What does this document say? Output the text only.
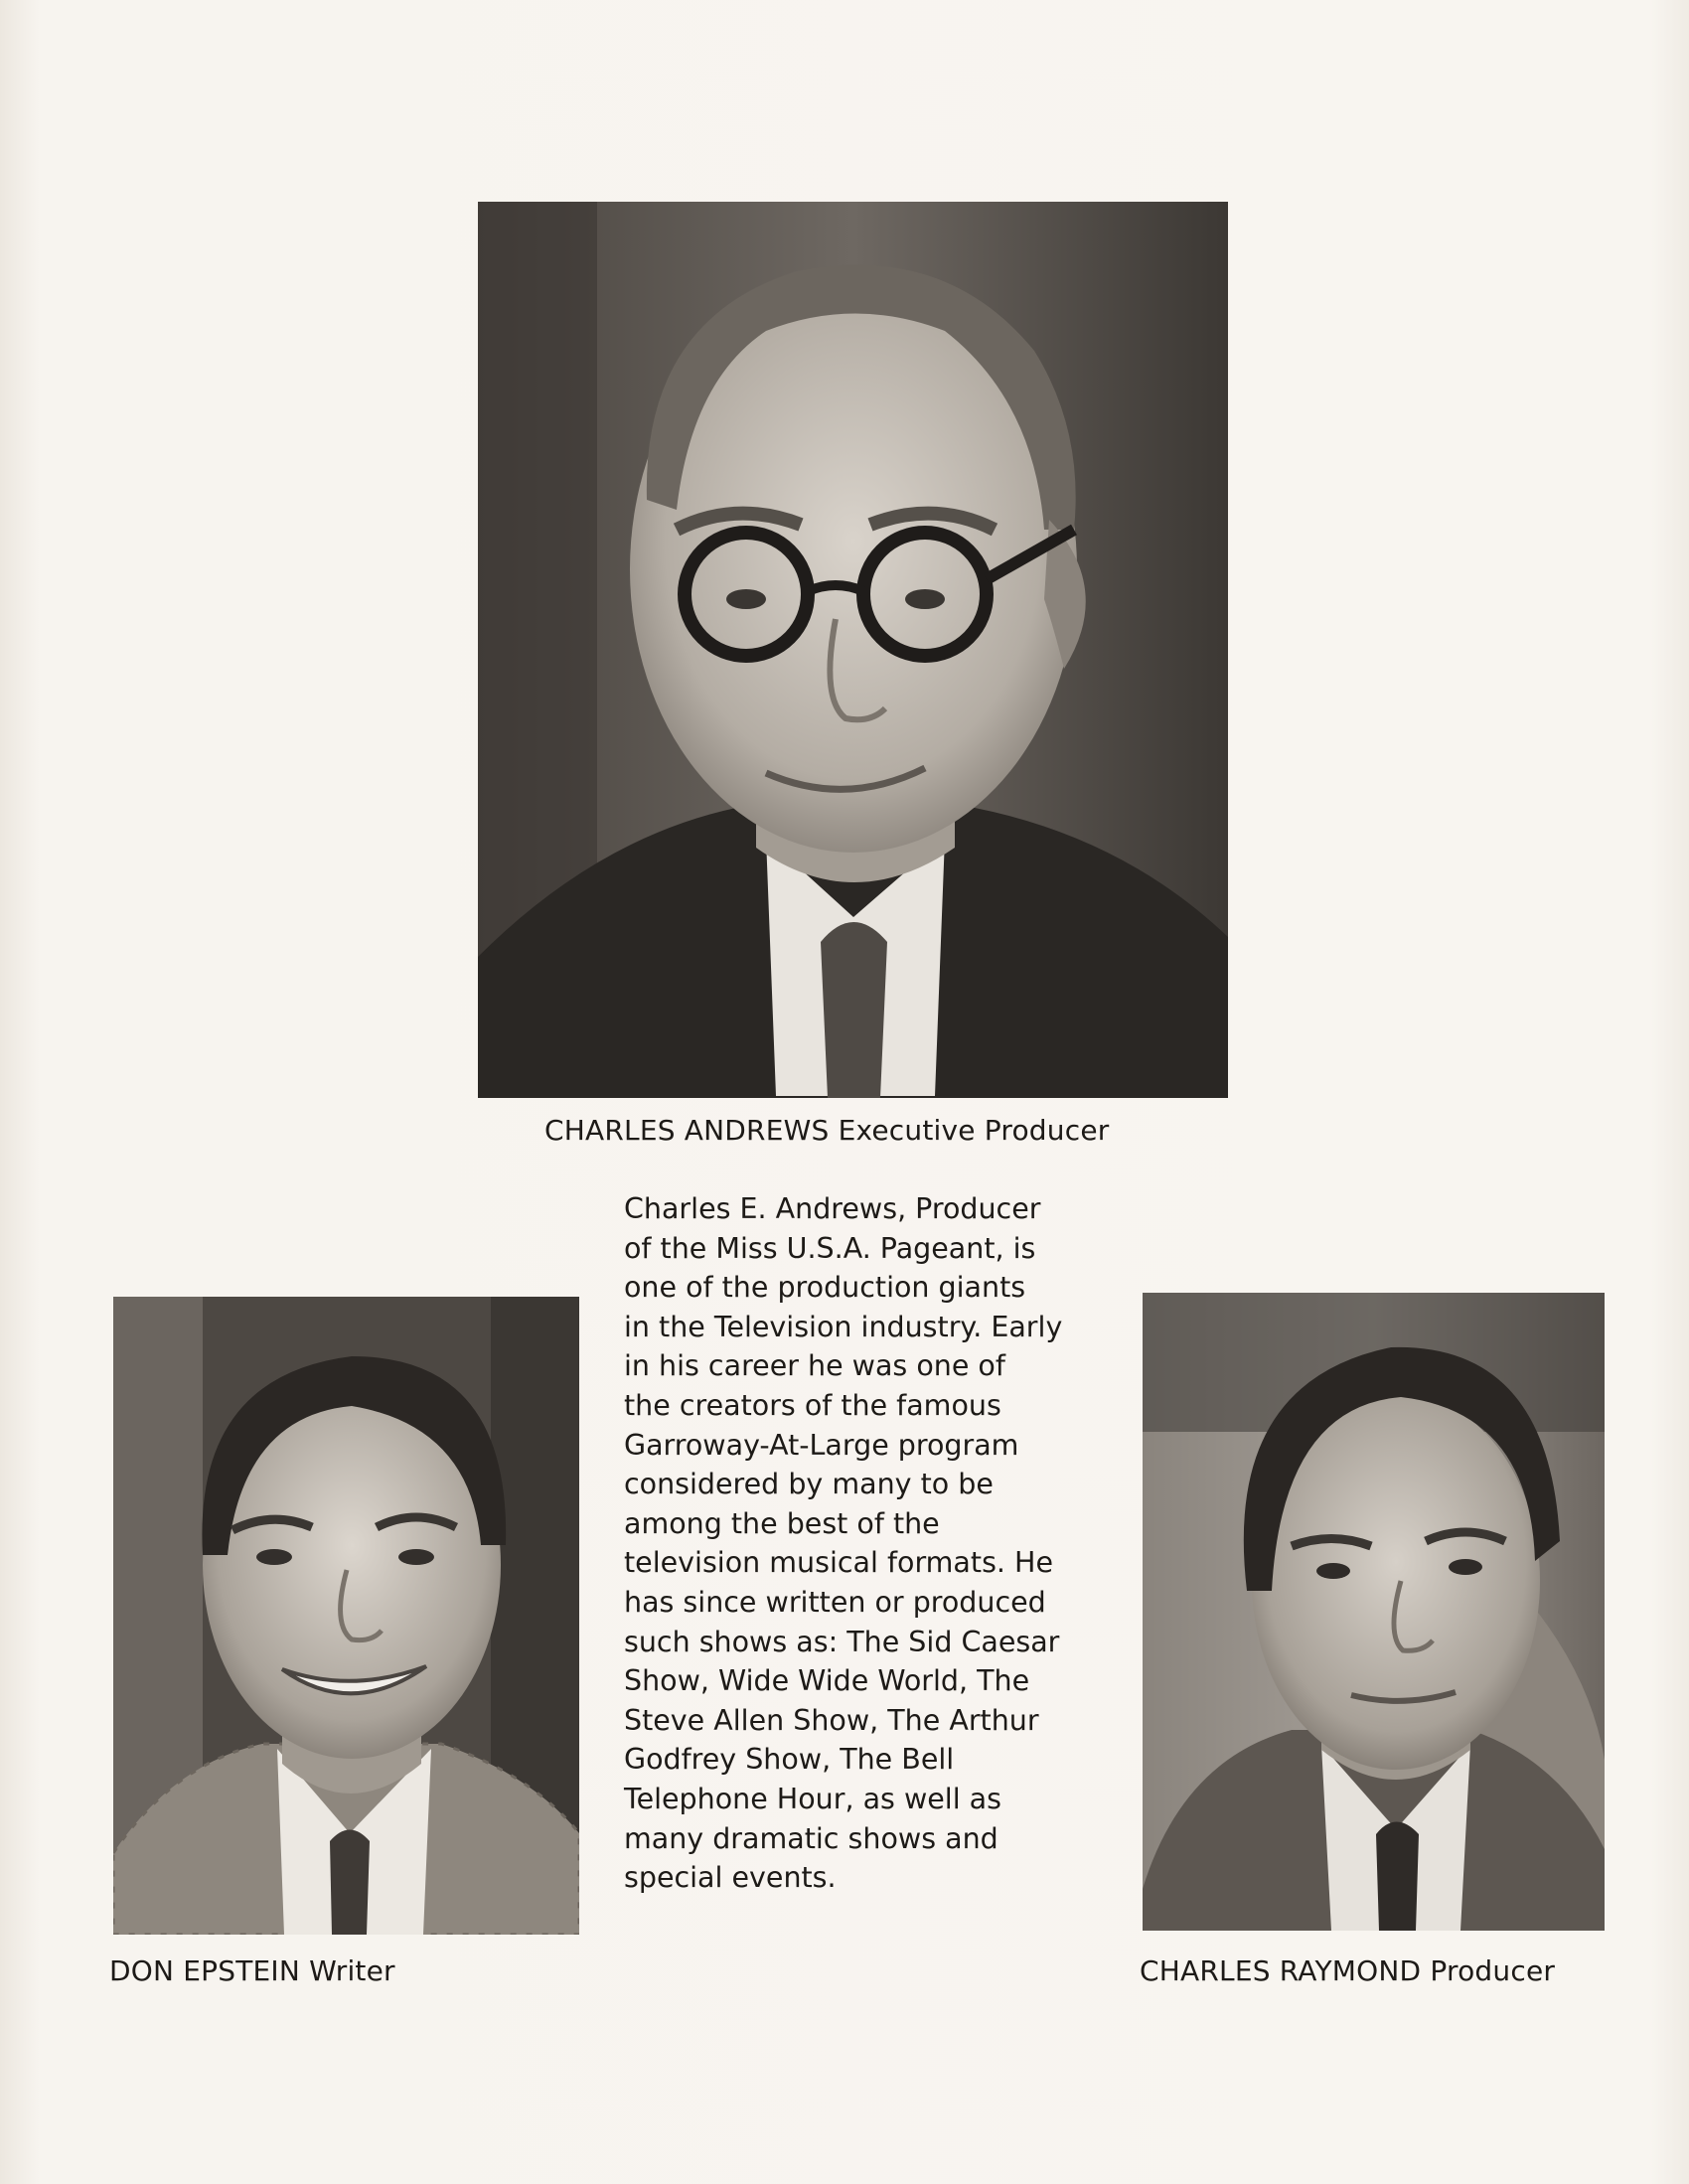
CHARLES ANDREWS Executive Producer
Charles E. Andrews, Producer
of the Miss U.S.A. Pageant, is
one of the production giants
in the Television industry. Early
in his career he was one of
the creators of the famous
Garroway-At-Large program
considered by many to be
among the best of the
television musical formats. He
has since written or produced
such shows as: The Sid Caesar
Show, Wide Wide World, The
Steve Allen Show, The Arthur
Godfrey Show, The Bell
Telephone Hour, as well as
many dramatic shows and
special events.
DON EPSTEIN Writer	CHARLES RAYMOND Producer
